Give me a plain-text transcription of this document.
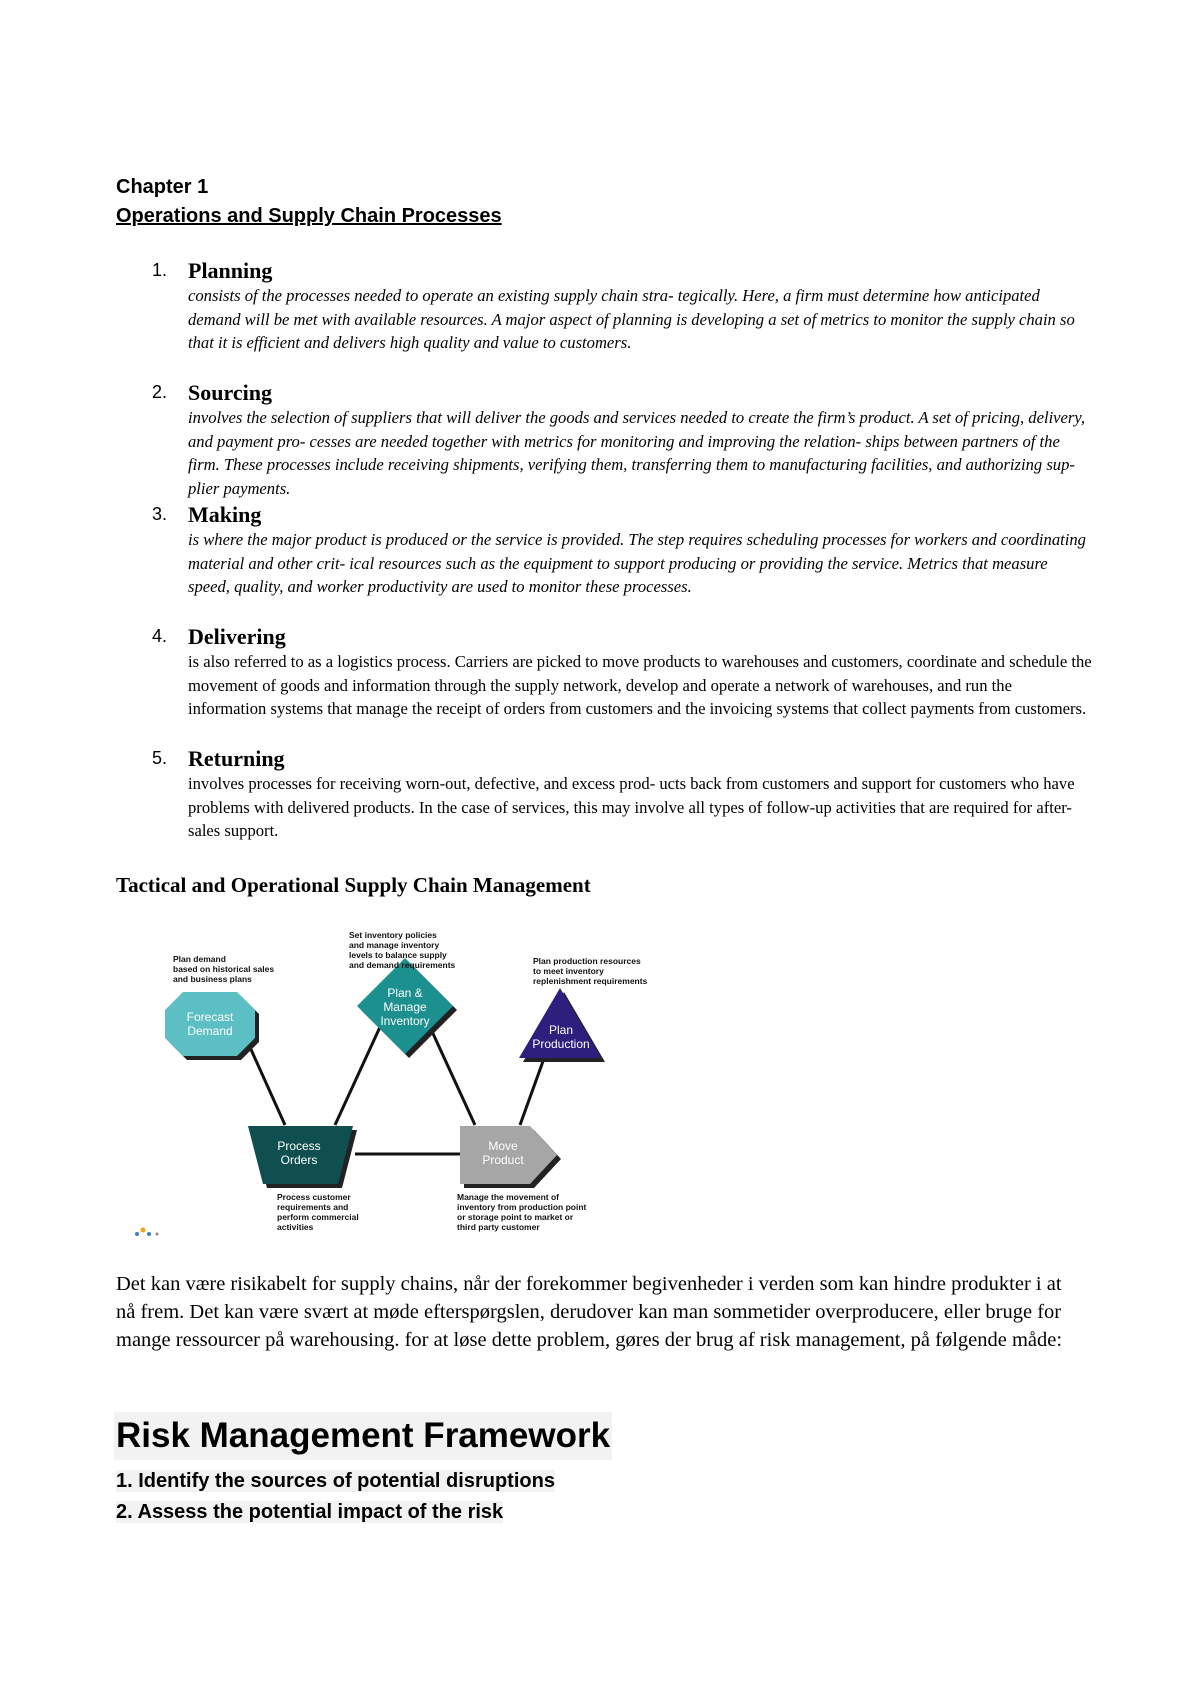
Chapter 1
Operations and Supply Chain Processes
1. Planning

consists of the processes needed to operate an existing supply chain stra- tegically. Here, a firm must determine how anticipated demand will be met with available resources. A major aspect of planning is developing a set of metrics to monitor the supply chain so that it is efficient and delivers high quality and value to customers.

2. Sourcing

involves the selection of suppliers that will deliver the goods and services needed to create the firm’s product. A set of pricing, delivery, and payment pro- cesses are needed together with metrics for monitoring and improving the relation- ships between partners of the firm. These processes include receiving shipments, verifying them, transferring them to manufacturing facilities, and authorizing sup- plier payments.

3. Making

is where the major product is produced or the service is provided. The step requires scheduling processes for workers and coordinating material and other crit- ical resources such as the equipment to support producing or providing the service. Metrics that measure speed, quality, and worker productivity are used to monitor these processes.

4. Delivering

is also referred to as a logistics process. Carriers are picked to move products to warehouses and customers, coordinate and schedule the movement of goods and information through the supply network, develop and operate a network of warehouses, and run the information systems that manage the receipt of orders from customers and the invoicing systems that collect payments from customers.

5. Returning

involves processes for receiving worn-out, defective, and excess prod- ucts back from customers and support for customers who have problems with delivered products. In the case of services, this may involve all types of follow-up activities that are required for after-sales support.

Tactical and Operational Supply Chain Management
Forecast
Demand
Plan &
Manage
Inventory
Plan
Production
Process
Orders
Move
Product
Plan demand
based on historical sales
and business plans
Set inventory policies
and manage inventory
levels to balance supply
and demand requirements	Plan production resources
to meet inventory
replenishment requirements
Process customer
requirements and
perform commercial
activities
Manage the movement of
inventory from production point
or storage point to market or
third party customer

Det kan være risikabelt for supply chains, når der forekommer begivenheder i verden som kan hindre produkter i at nå frem. Det kan være svært at møde efterspørgslen, derudover kan man sommetider overproducere, eller bruge for mange ressourcer på warehousing. for at løse dette problem, gøres der brug af risk management, på følgende måde:

Risk Management Framework
1. Identify the sources of potential disruptions
2. Assess the potential impact of the risk
